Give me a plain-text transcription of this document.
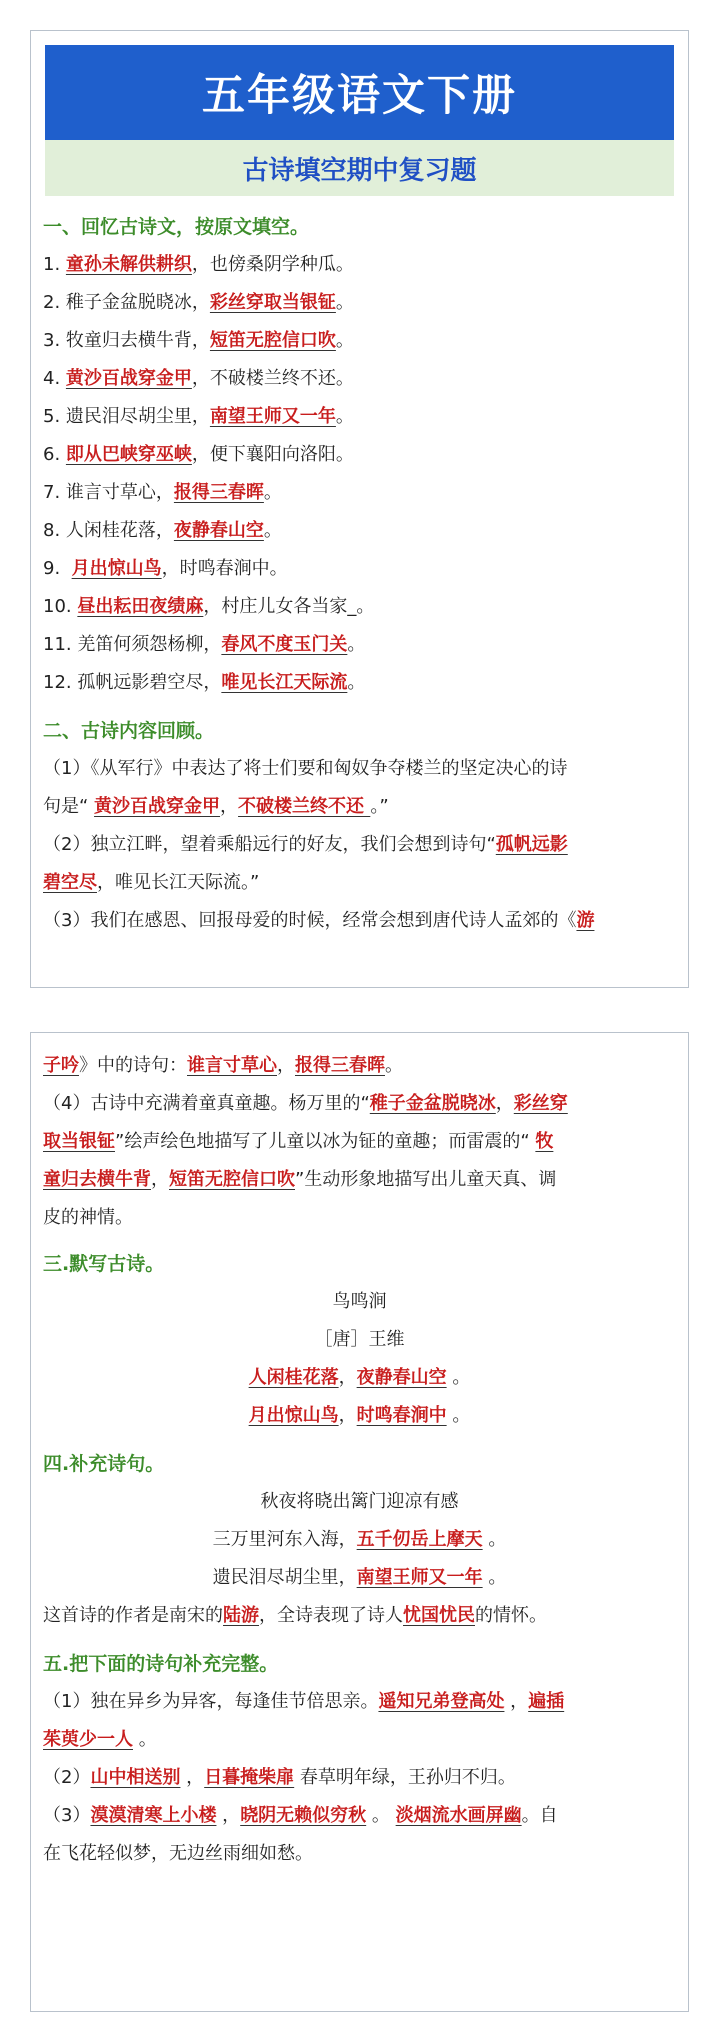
五年级语文下册
古诗填空期中复习题
一、回忆古诗文，按原文填空。
1. 童孙未解供耕织，也傍桑阴学种瓜。
2. 稚子金盆脱晓冰，彩丝穿取当银钲。
3. 牧童归去横牛背，短笛无腔信口吹。
4. 黄沙百战穿金甲，不破楼兰终不还。
5. 遗民泪尽胡尘里，南望王师又一年。
6. 即从巴峡穿巫峡，便下襄阳向洛阳。
7. 谁言寸草心，报得三春晖。
8. 人闲桂花落，夜静春山空。
9.  月出惊山鸟，时鸣春涧中。
10. 昼出耘田夜绩麻，村庄儿女各当家_。
11. 羌笛何须怨杨柳，春风不度玉门关。
12. 孤帆远影碧空尽，唯见长江天际流。
二、古诗内容回顾。
（1）《从军行》中表达了将士们要和匈奴争夺楼兰的坚定决心的诗
句是“ 黄沙百战穿金甲，不破楼兰终不还 。”
（2）独立江畔，望着乘船远行的好友，我们会想到诗句“孤帆远影
碧空尽，唯见长江天际流。”
（3）我们在感恩、回报母爱的时候，经常会想到唐代诗人孟郊的《游
子吟》中的诗句：谁言寸草心，报得三春晖。
（4）古诗中充满着童真童趣。杨万里的“稚子金盆脱晓冰，彩丝穿
取当银钲”绘声绘色地描写了儿童以冰为钲的童趣；而雷震的“ 牧
童归去横牛背，短笛无腔信口吹”生动形象地描写出儿童天真、调
皮的神情。
三.默写古诗。
鸟鸣涧
［唐］王维
人闲桂花落，夜静春山空 。
月出惊山鸟，时鸣春涧中 。
四.补充诗句。
秋夜将晓出篱门迎凉有感
三万里河东入海，五千仞岳上摩天 。
遗民泪尽胡尘里，南望王师又一年 。
这首诗的作者是南宋的陆游，全诗表现了诗人忧国忧民的情怀。
五.把下面的诗句补充完整。
（1）独在异乡为异客，每逢佳节倍思亲。遥知兄弟登高处 ，遍插
茱萸少一人 。
（2）山中相送别 ，日暮掩柴扉 春草明年绿，王孙归不归。
（3）漠漠清寒上小楼 ，晓阴无赖似穷秋 。 淡烟流水画屏幽。自
在飞花轻似梦，无边丝雨细如愁。
